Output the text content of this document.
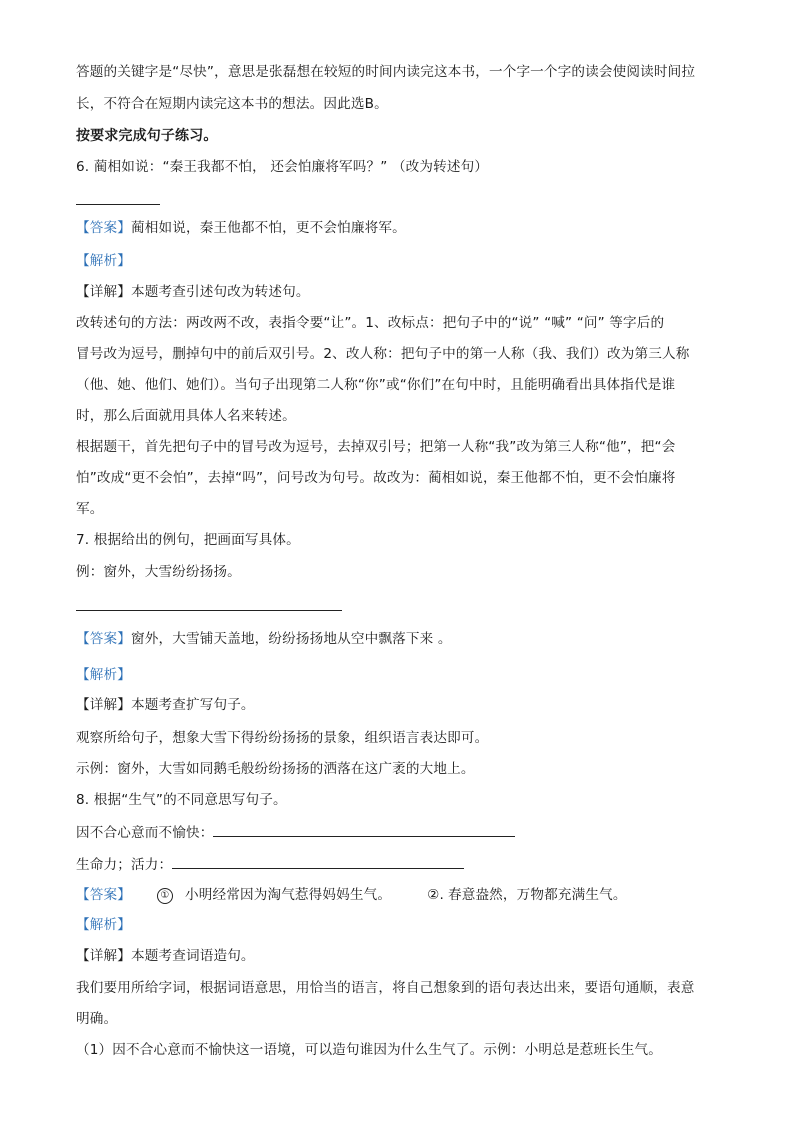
答题的关键字是“尽快”，意思是张磊想在较短的时间内读完这本书，一个字一个字的读会使阅读时间拉
长，不符合在短期内读完这本书的想法。因此选B。
按要求完成句子练习。
6. 蔺相如说：“秦王我都不怕， 还会怕廉将军吗？” （改为转述句）
【答案】蔺相如说，秦王他都不怕，更不会怕廉将军。
【解析】
【详解】本题考查引述句改为转述句。
改转述句的方法：两改两不改，表指令要“让”。1、改标点：把句子中的“说” “喊” “问” 等字后的
冒号改为逗号，删掉句中的前后双引号。2、改人称：把句子中的第一人称（我、我们）改为第三人称
（他、她、他们、她们）。当句子出现第二人称“你”或“你们”在句中时，且能明确看出具体指代是谁
时，那么后面就用具体人名来转述。
根据题干，首先把句子中的冒号改为逗号，去掉双引号；把第一人称“我”改为第三人称“他”，把“会
怕”改成“更不会怕”，去掉“吗”，问号改为句号。故改为：蔺相如说，秦王他都不怕，更不会怕廉将
军。
7. 根据给出的例句，把画面写具体。
例：窗外，大雪纷纷扬扬。
【答案】窗外，大雪铺天盖地，纷纷扬扬地从空中飘落下来 。
【解析】
【详解】本题考查扩写句子。
观察所给句子，想象大雪下得纷纷扬扬的景象，组织语言表达即可。
示例：窗外，大雪如同鹅毛般纷纷扬扬的洒落在这广袤的大地上。
8. 根据“生气”的不同意思写句子。
因不合心意而不愉快：
生命力；活力：
【答案】	① 小明经常因为淘气惹得妈妈生气。	②. 春意盎然，万物都充满生气。
【解析】
【详解】本题考查词语造句。
我们要用所给字词，根据词语意思，用恰当的语言，将自己想象到的语句表达出来，要语句通顺，表意
明确。
（1）因不合心意而不愉快这一语境，可以造句谁因为什么生气了。示例：小明总是惹班长生气。
